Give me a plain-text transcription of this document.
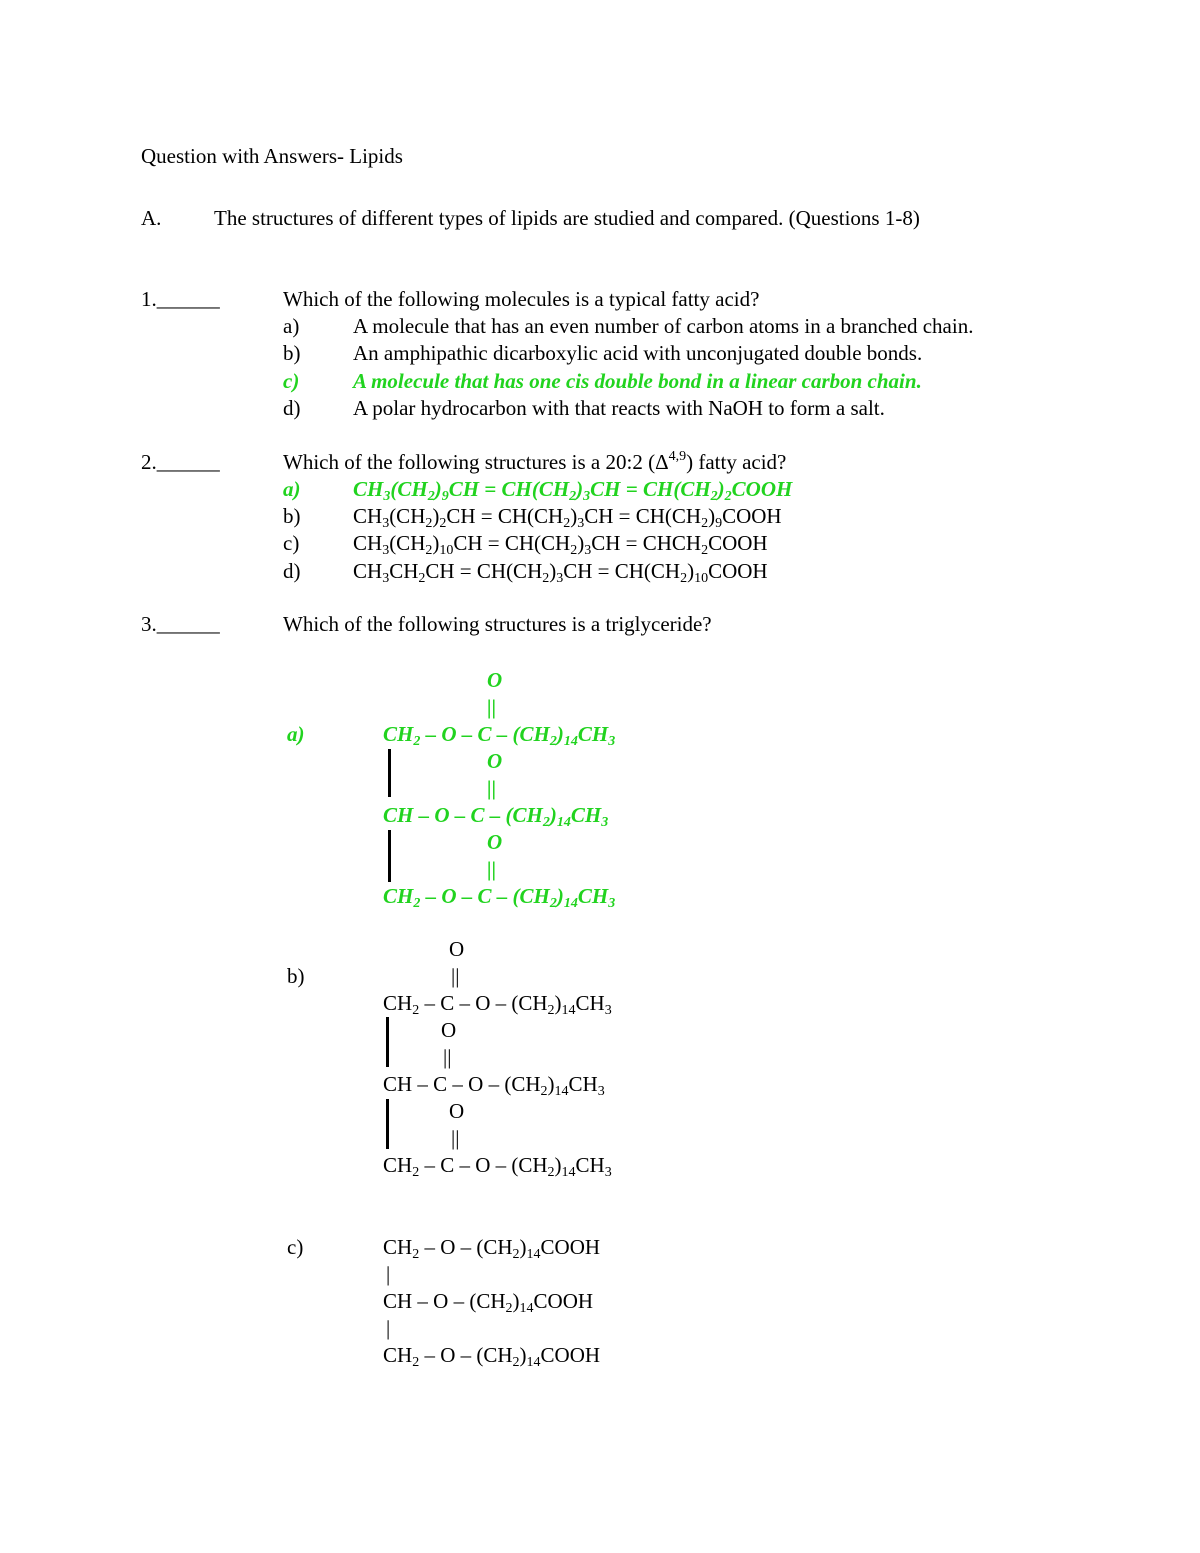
Question with Answers- Lipids
A.	The structures of different types of lipids are studied and compared. (Questions 1-8)
1.______	Which of the following molecules is a typical fatty acid?
a)	A molecule that has an even number of carbon atoms in a branched chain.
b)	An amphipathic dicarboxylic acid with unconjugated double bonds.
c)	A molecule that has one cis double bond in a linear carbon chain.
d)	A polar hydrocarbon with that reacts with NaOH to form a salt.
2.______	Which of the following structures is a 20:2 $(\Delta^{4,9})$ fatty acid?
a)	$CH_3(CH_2)_9CH = CH(CH_2)_3CH$ = $CH(CH_2)_2COOH$
b)	$CH_3(CH_2)_2CH = CH(CH_2)_3CH$ = $CH(CH_2)_9COOH$
c)	$CH_3(CH_2)_{10}CH = CH(CH_2)_3CH$ = $CHCH_2COOH$
d)	$CH_3CH_2CH = CH(CH_2)_3CH$ = $CH(CH_2)_{10}COOH$
3.______	Which of the following structures is a triglyceride?
a)
O
||
$CH_2$ – O – C – $(CH_2)_{14}CH_3$
O
||
CH – O – C – $(CH_2)_{14}CH_3$
O
||
$CH_2$ – O – C – $(CH_2)_{14}CH_3$
b)
O
||
$CH_2$ – C – O – $(CH_2)_{14}CH_3$
O
||
CH – C – O – $(CH_2)_{14}CH_3$
O
||
$CH_2$ – C – O – $(CH_2)_{14}CH_3$
c)	$CH_2$ – O – $(CH_2)_{14}COOH$
|
CH – O – $(CH_2)_{14}COOH$
|
$CH_2$ – O – $(CH_2)_{14}COOH$
